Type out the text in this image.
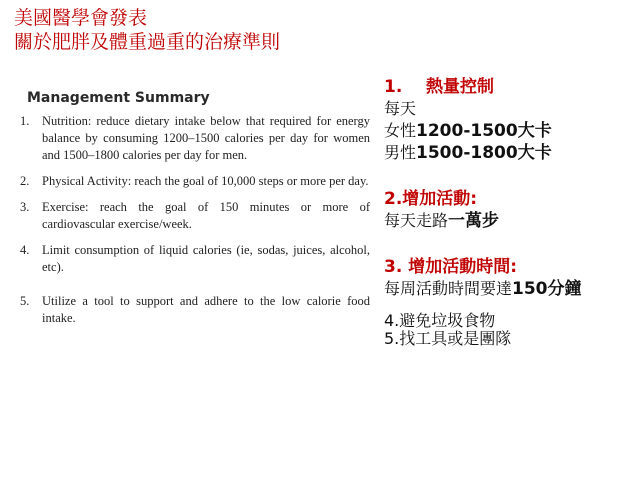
美國醫學會發表
關於肥胖及體重過重的治療準則
Management Summary
1.	Nutrition: reduce dietary intake below that required for energy balance by consuming 1200–1500 calories per day for women and 1500–1800 calories per day for men.
2.	Physical Activity: reach the goal of 10,000 steps or more per day.
3.	Exercise: reach the goal of 150 minutes or more of cardiovascular exercise/week.
4.	Limit consumption of liquid calories (ie, sodas, juices, alcohol, etc).
5.	Utilize a tool to support and adhere to the low calorie food intake.
1.    熱量控制
每天
女性1200-1500大卡
男性1500-1800大卡
2.增加活動:
每天走路一萬步
3. 增加活動時間:
每周活動時間要達150分鐘
4.避免垃圾食物
5.找工具或是團隊
